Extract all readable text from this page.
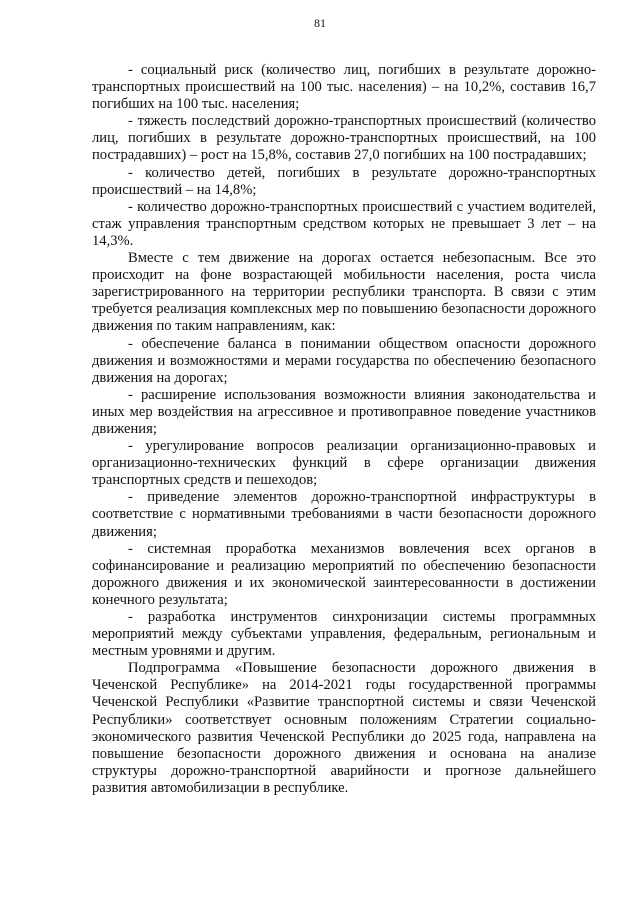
81

- социальный риск (количество лиц, погибших в результате дорожно-транспортных происшествий на 100 тыс. населения) – на 10,2%, составив 16,7 погибших на 100 тыс. населения;

- тяжесть последствий дорожно-транспортных происшествий (количество лиц, погибших в результате дорожно-транспортных происшествий, на 100 пострадавших) – рост на 15,8%, составив 27,0 погибших на 100 пострадавших;

- количество детей, погибших в результате дорожно-транспортных происшествий – на 14,8%;

- количество дорожно-транспортных происшествий с участием водителей, стаж управления транспортным средством которых не превышает 3 лет – на 14,3%.

Вместе с тем движение на дорогах остается небезопасным. Все это происходит на фоне возрастающей мобильности населения, роста числа зарегистрированного на территории республики транспорта. В связи с этим требуется реализация комплексных мер по повышению безопасности дорожного движения по таким направлениям, как:

- обеспечение баланса в понимании обществом опасности дорожного движения и возможностями и мерами государства по обеспечению безопасного движения на дорогах;

- расширение использования возможности влияния законодательства и иных мер воздействия на агрессивное и противоправное поведение участников движения;

- урегулирование вопросов реализации организационно-правовых и организационно-технических функций в сфере организации движения транспортных средств и пешеходов;

- приведение элементов дорожно-транспортной инфраструктуры в соответствие с нормативными требованиями в части безопасности дорожного движения;

- системная проработка механизмов вовлечения всех органов в софинансирование и реализацию мероприятий по обеспечению безопасности дорожного движения и их экономической заинтересованности в достижении конечного результата;

- разработка инструментов синхронизации системы программных мероприятий между субъектами управления, федеральным, региональным и местным уровнями и другим.

Подпрограмма «Повышение безопасности дорожного движения в Чеченской Республике» на 2014-2021 годы государственной программы Чеченской Республики «Развитие транспортной системы и связи Чеченской Республики» соответствует основным положениям Стратегии социально-экономического развития Чеченской Республики до 2025 года, направлена на повышение безопасности дорожного движения и основана на анализе структуры дорожно-транспортной аварийности и прогнозе дальнейшего развития автомобилизации в республике.
